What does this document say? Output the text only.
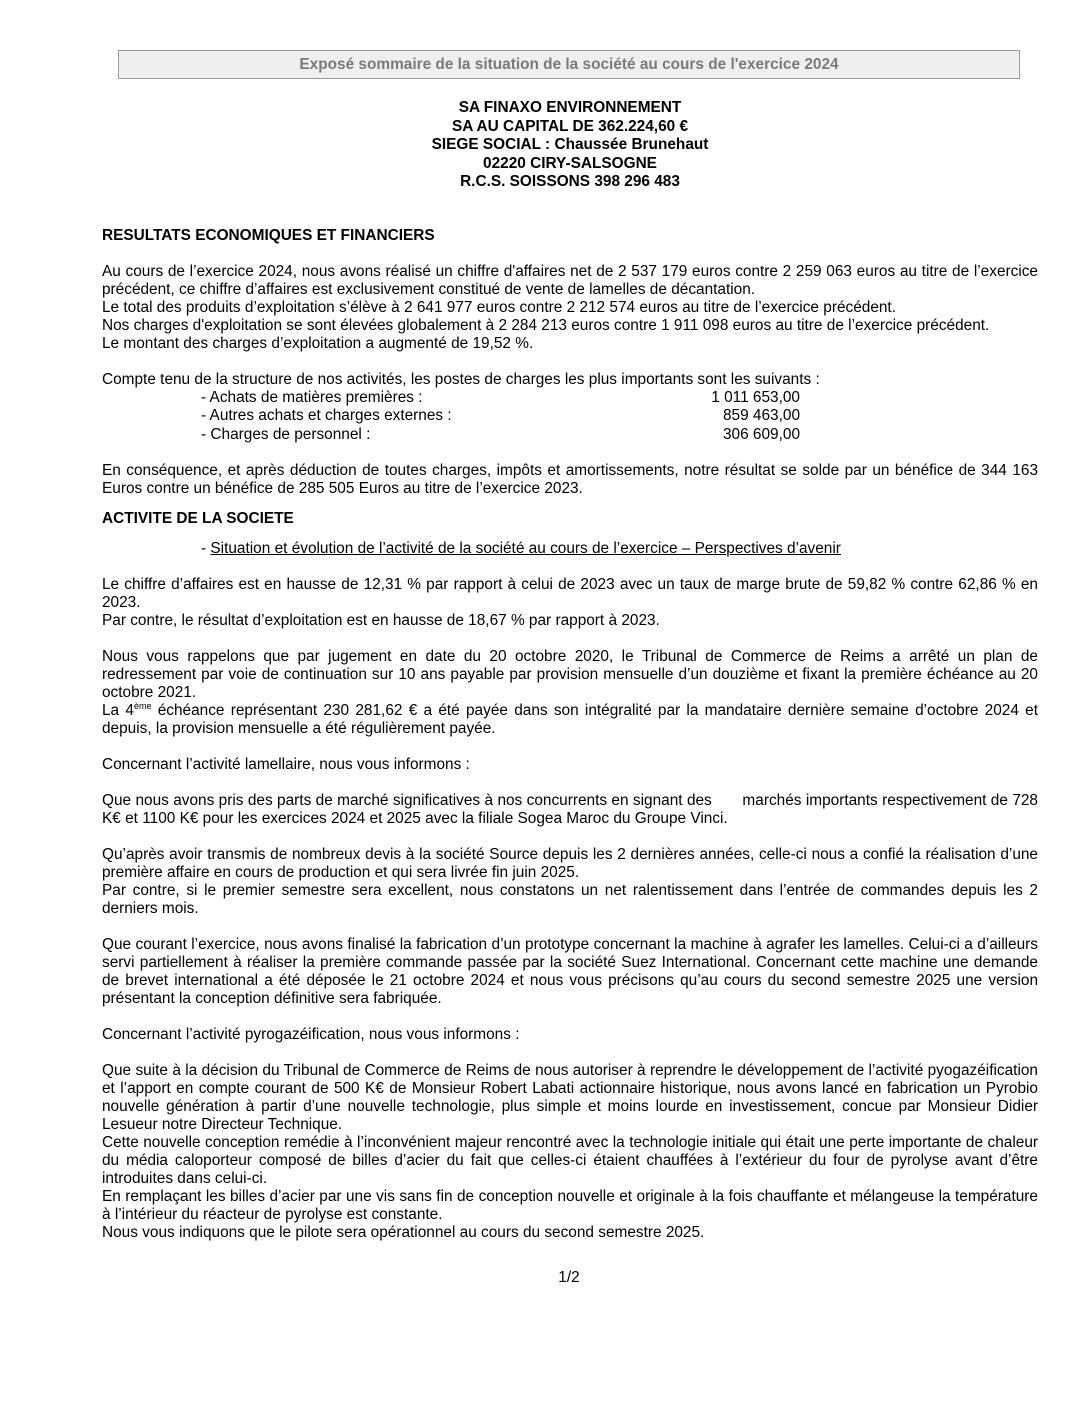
Exposé sommaire de la situation de la société au cours de l'exercice 2024
SA FINAXO ENVIRONNEMENT
SA AU CAPITAL DE 362.224,60 €
SIEGE SOCIAL : Chaussée Brunehaut
02220 CIRY-SALSOGNE
R.C.S. SOISSONS 398 296 483
RESULTATS ECONOMIQUES ET FINANCIERS

Au cours de l’exercice 2024, nous avons réalisé un chiffre d'affaires net de 2 537 179 euros contre 2 259 063 euros au titre de l’exercice précédent, ce chiffre d’affaires est exclusivement constitué de vente de lamelles de décantation.

Le total des produits d’exploitation s’élève à 2 641 977 euros contre 2 212 574 euros au titre de l’exercice précédent.

Nos charges d'exploitation se sont élevées globalement à 2 284 213 euros contre 1 911 098 euros au titre de l’exercice précédent.

Le montant des charges d’exploitation a augmenté de 19,52 %.

Compte tenu de la structure de nos activités, les postes de charges les plus importants sont les suivants :

- Achats de matières premières :	1 011 653,00
- Autres achats et charges externes :	859 463,00
- Charges de personnel :	306 609,00

En conséquence, et après déduction de toutes charges, impôts et amortissements, notre résultat se solde par un bénéfice de 344 163 Euros contre un bénéfice de 285 505 Euros au titre de l’exercice 2023.

ACTIVITE DE LA SOCIETE
- Situation et évolution de l’activité de la société au cours de l’exercice – Perspectives d’avenir

Le chiffre d’affaires est en hausse de 12,31 % par rapport à celui de 2023 avec un taux de marge brute de 59,82 % contre 62,86 % en 2023.

Par contre, le résultat d’exploitation est en hausse de 18,67 % par rapport à 2023.

Nous vous rappelons que par jugement en date du 20 octobre 2020, le Tribunal de Commerce de Reims a arrêté un plan de redressement par voie de continuation sur 10 ans payable par provision mensuelle d’un douzième et fixant la première échéance au 20 octobre 2021.

La 4ème échéance représentant 230 281,62 € a été payée dans son intégralité par la mandataire dernière semaine d’octobre 2024 et depuis, la provision mensuelle a été régulièrement payée.

Concernant l’activité lamellaire, nous vous informons :

Que nous avons pris des parts de marché significatives à nos concurrents en signant des       marchés importants respectivement de 728 K€ et 1100 K€ pour les exercices 2024 et 2025 avec la filiale Sogea Maroc du Groupe Vinci.

Qu’après avoir transmis de nombreux devis à la société Source depuis les 2 dernières années, celle-ci nous a confié la réalisation d’une première affaire en cours de production et qui sera livrée fin juin 2025.

Par contre, si le premier semestre sera excellent, nous constatons un net ralentissement dans l’entrée de commandes depuis les 2 derniers mois.

Que courant l’exercice, nous avons finalisé la fabrication d’un prototype concernant la machine à agrafer les lamelles. Celui-ci a d’ailleurs servi partiellement à réaliser la première commande passée par la société Suez International. Concernant cette machine une demande de brevet international a été déposée le 21 octobre 2024 et nous vous précisons qu’au cours du second semestre 2025 une version présentant la conception définitive sera fabriquée.

Concernant l’activité pyrogazéification, nous vous informons :

Que suite à la décision du Tribunal de Commerce de Reims de nous autoriser à reprendre le développement de l’activité pyogazéification et l’apport en compte courant de 500 K€ de Monsieur Robert Labati actionnaire historique, nous avons lancé en fabrication un Pyrobio nouvelle génération à partir d’une nouvelle technologie, plus simple et moins lourde en investissement, concue par Monsieur Didier Lesueur notre Directeur Technique.

Cette nouvelle conception remédie à l’inconvénient majeur rencontré avec la technologie initiale qui était une perte importante de chaleur du média caloporteur composé de billes d’acier du fait que celles-ci étaient chauffées à l’extérieur du four de pyrolyse avant d’être introduites dans celui-ci.

En remplaçant les billes d’acier par une vis sans fin de conception nouvelle et originale à la fois chauffante et mélangeuse la température à l’intérieur du réacteur de pyrolyse est constante.

Nous vous indiquons que le pilote sera opérationnel au cours du second semestre 2025.

1/2
